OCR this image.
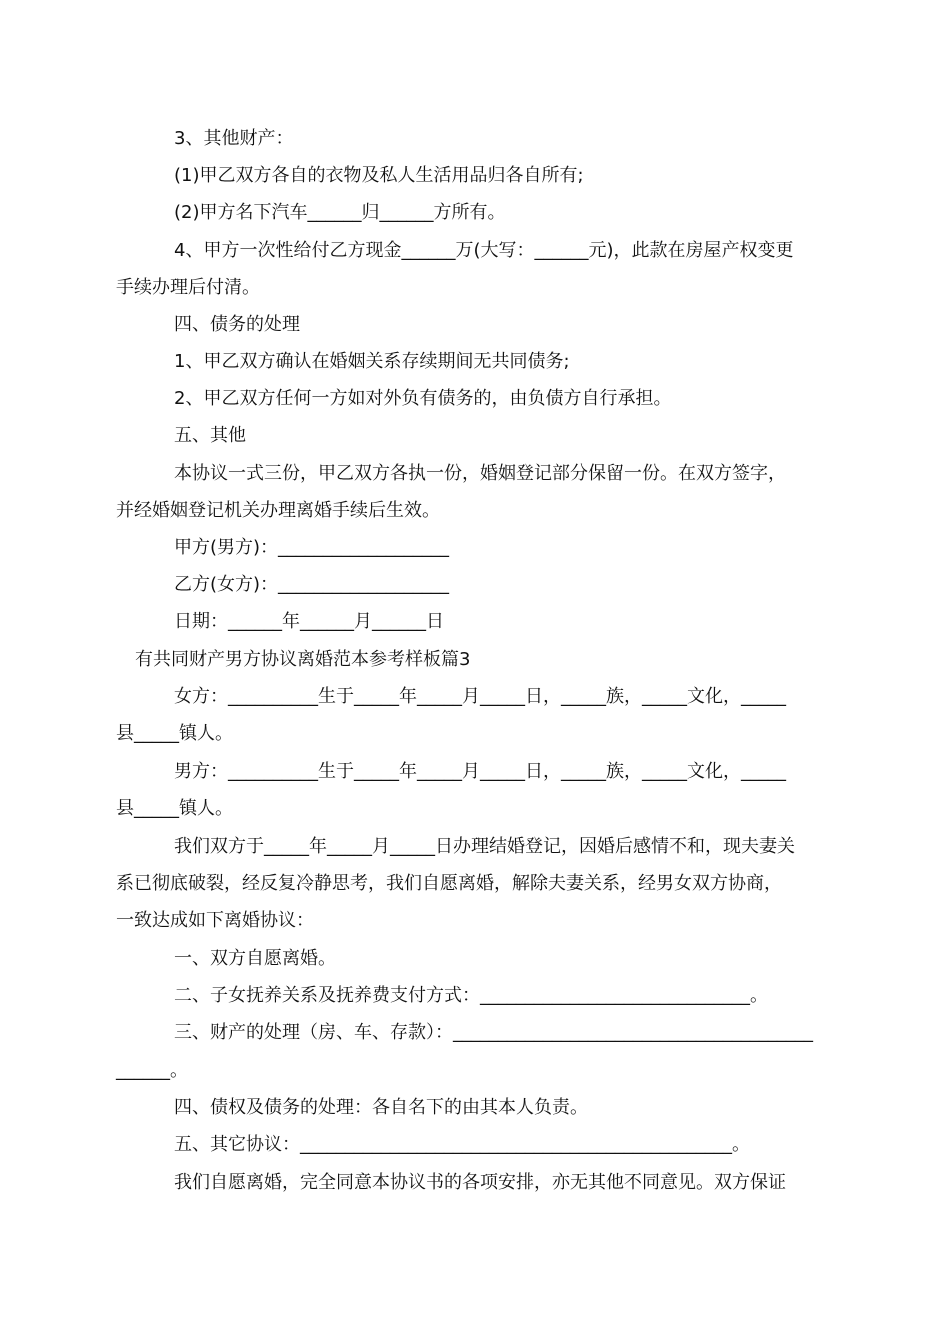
3、其他财产：
(1)甲乙双方各自的衣物及私人生活用品归各自所有;
(2)甲方名下汽车______归______方所有。
4、甲方一次性给付乙方现金______万(大写：______元)，此款在房屋产权变更
手续办理后付清。
四、债务的处理
1、甲乙双方确认在婚姻关系存续期间无共同债务;
2、甲乙双方任何一方如对外负有债务的，由负债方自行承担。
五、其他
本协议一式三份，甲乙双方各执一份，婚姻登记部分保留一份。在双方签字，
并经婚姻登记机关办理离婚手续后生效。
甲方(男方)：___________________
乙方(女方)：___________________
日期：______年______月______日
有共同财产男方协议离婚范本参考样板篇3
女方：__________生于_____年_____月_____日，_____族，_____文化，_____
县_____镇人。
男方：__________生于_____年_____月_____日，_____族，_____文化，_____
县_____镇人。
我们双方于_____年_____月_____日办理结婚登记，因婚后感情不和，现夫妻关
系已彻底破裂，经反复冷静思考，我们自愿离婚，解除夫妻关系，经男女双方协商，
一致达成如下离婚协议：
一、双方自愿离婚。
二、子女抚养关系及抚养费支付方式：______________________________。
三、财产的处理（房、车、存款）：________________________________________
______。
四、债权及债务的处理：各自名下的由其本人负责。
五、其它协议：________________________________________________。
我们自愿离婚，完全同意本协议书的各项安排，亦无其他不同意见。双方保证
